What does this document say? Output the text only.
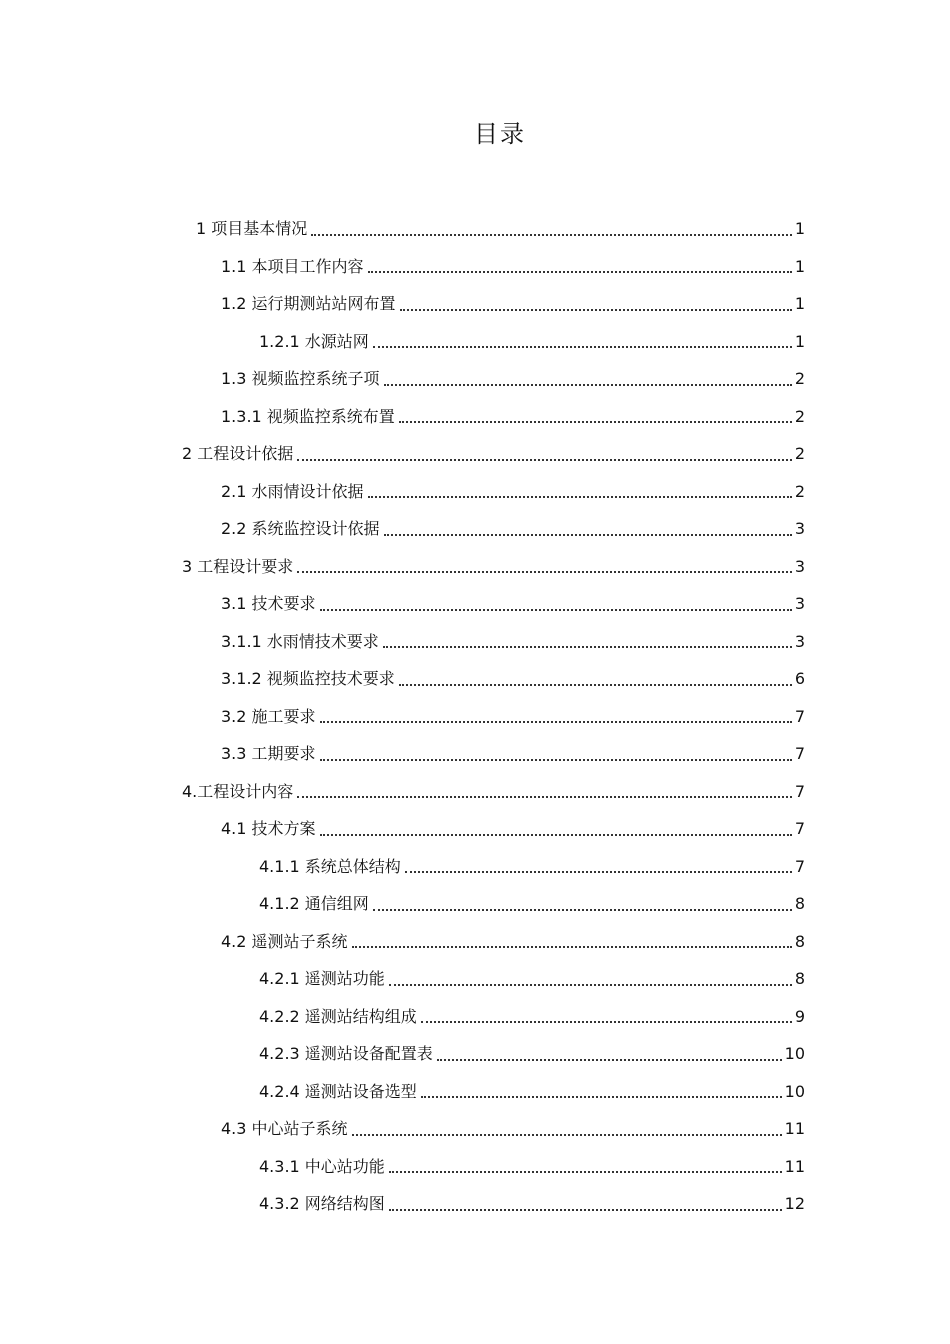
目录
1 项目基本情况	1
1.1 本项目工作内容	1
1.2 运行期测站站网布置	1
1.2.1 水源站网	1
1.3 视频监控系统子项	2
1.3.1 视频监控系统布置	2
2 工程设计依据	2
2.1 水雨情设计依据	2
2.2 系统监控设计依据	3
3 工程设计要求	3
3.1 技术要求	3
3.1.1 水雨情技术要求	3
3.1.2 视频监控技术要求	6
3.2 施工要求	7
3.3 工期要求	7
4.工程设计内容	7
4.1 技术方案	7
4.1.1 系统总体结构	7
4.1.2 通信组网	8
4.2 遥测站子系统	8
4.2.1 遥测站功能	8
4.2.2 遥测站结构组成	9
4.2.3 遥测站设备配置表	10
4.2.4 遥测站设备选型	10
4.3 中心站子系统	11
4.3.1 中心站功能	11
4.3.2 网络结构图	12
